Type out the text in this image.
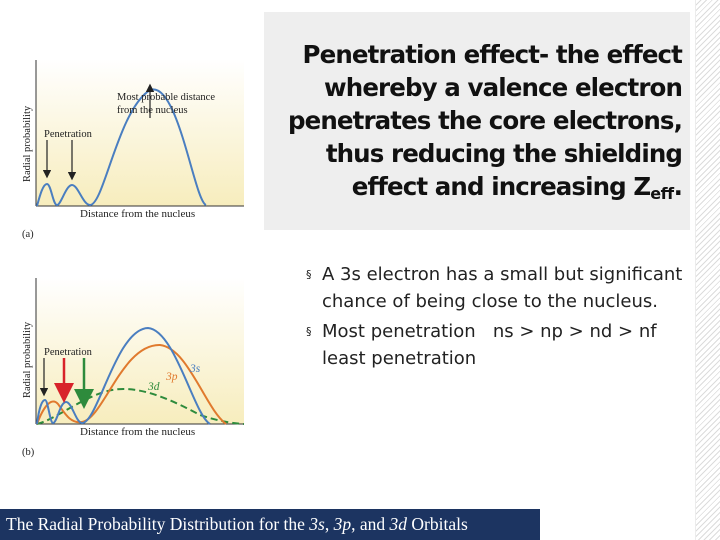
Penetration
Most probable distance
from the nucleus
Distance from the nucleus
Radial probability
(a)
Penetration
3s
3p
3d
Distance from the nucleus
Radial probability
(b)
Penetration effect- the effect whereby a valence electron penetrates the core electrons, thus reducing the shielding effect and increasing $Z_{eff}$.
§ A 3s electron has a small but significant chance of being close to the nucleus.
§ Most penetration   ns > np > nd > nf   least penetration
The Radial Probability Distribution for the 3s, 3p, and 3d Orbitals
